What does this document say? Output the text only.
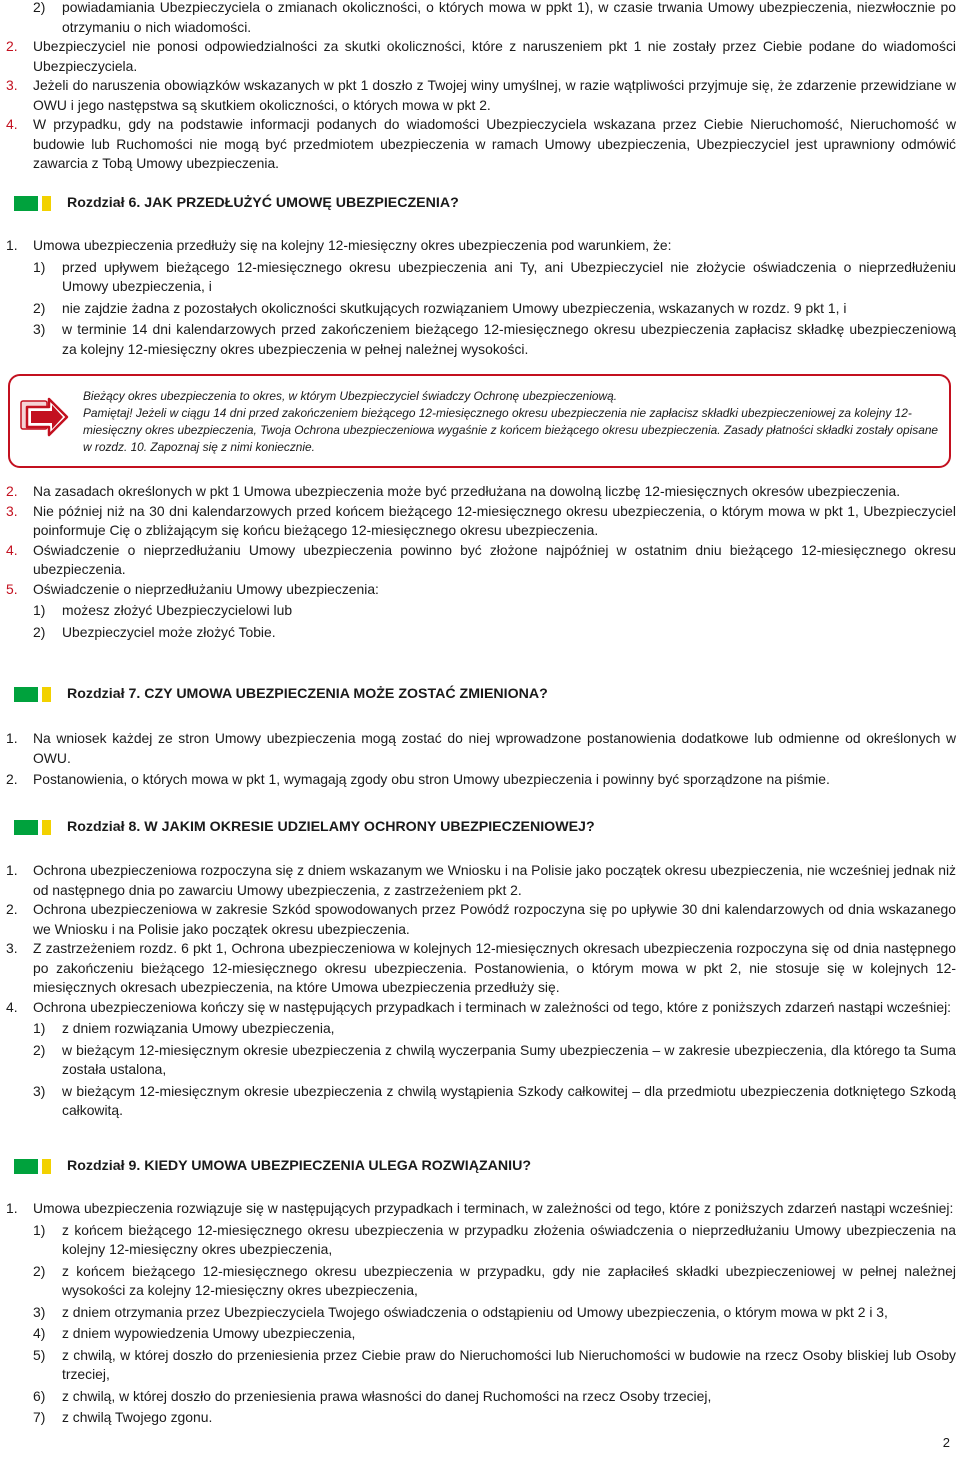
2) powiadamiania Ubezpieczyciela o zmianach okoliczności, o których mowa w ppkt 1), w czasie trwania Umowy ubezpieczenia, niezwłocznie po otrzymaniu o nich wiadomości.
2. Ubezpieczyciel nie ponosi odpowiedzialności za skutki okoliczności, które z naruszeniem pkt 1 nie zostały przez Ciebie podane do wiadomości Ubezpieczyciela.
3. Jeżeli do naruszenia obowiązków wskazanych w pkt 1 doszło z Twojej winy umyślnej, w razie wątpliwości przyjmuje się, że zdarzenie przewidziane w OWU i jego następstwa są skutkiem okoliczności, o których mowa w pkt 2.
4. W przypadku, gdy na podstawie informacji podanych do wiadomości Ubezpieczyciela wskazana przez Ciebie Nieruchomość, Nieruchomość w budowie lub Ruchomości nie mogą być przedmiotem ubezpieczenia w ramach Umowy ubezpieczenia, Ubezpieczyciel jest uprawniony odmówić zawarcia z Tobą Umowy ubezpieczenia.
Rozdział 6. JAK PRZEDŁUŻYĆ UMOWĘ UBEZPIECZENIA?
1. Umowa ubezpieczenia przedłuży się na kolejny 12-miesięczny okres ubezpieczenia pod warunkiem, że:
1) przed upływem bieżącego 12-miesięcznego okresu ubezpieczenia ani Ty, ani Ubezpieczyciel nie złożycie oświadczenia o nieprzedłużeniu Umowy ubezpieczenia, i
2) nie zajdzie żadna z pozostałych okoliczności skutkujących rozwiązaniem Umowy ubezpieczenia, wskazanych w rozdz. 9 pkt 1, i
3) w terminie 14 dni kalendarzowych przed zakończeniem bieżącego 12-miesięcznego okresu ubezpieczenia zapłacisz składkę ubezpieczeniową za kolejny 12-miesięczny okres ubezpieczenia w pełnej należnej wysokości.
Bieżący okres ubezpieczenia to okres, w którym Ubezpieczyciel świadczy Ochronę ubezpieczeniową.
Pamiętaj! Jeżeli w ciągu 14 dni przed zakończeniem bieżącego 12-miesięcznego okresu ubezpieczenia nie zapłacisz składki ubezpieczeniowej za kolejny 12-miesięczny okres ubezpieczenia, Twoja Ochrona ubezpieczeniowa wygaśnie z końcem bieżącego okresu ubezpieczenia. Zasady płatności składki zostały opisane w rozdz. 10. Zapoznaj się z nimi koniecznie.
2. Na zasadach określonych w pkt 1 Umowa ubezpieczenia może być przedłużana na dowolną liczbę 12-miesięcznych okresów ubezpieczenia.
3. Nie później niż na 30 dni kalendarzowych przed końcem bieżącego 12-miesięcznego okresu ubezpieczenia, o którym mowa w pkt 1, Ubezpieczyciel poinformuje Cię o zbliżającym się końcu bieżącego 12-miesięcznego okresu ubezpieczenia.
4. Oświadczenie o nieprzedłużaniu Umowy ubezpieczenia powinno być złożone najpóźniej w ostatnim dniu bieżącego 12-miesięcznego okresu ubezpieczenia.
5. Oświadczenie o nieprzedłużaniu Umowy ubezpieczenia:
1) możesz złożyć Ubezpieczycielowi lub
2) Ubezpieczyciel może złożyć Tobie.
Rozdział 7. CZY UMOWA UBEZPIECZENIA MOŻE ZOSTAĆ ZMIENIONA?
1. Na wniosek każdej ze stron Umowy ubezpieczenia mogą zostać do niej wprowadzone postanowienia dodatkowe lub odmienne od określonych w OWU.
2. Postanowienia, o których mowa w pkt 1, wymagają zgody obu stron Umowy ubezpieczenia i powinny być sporządzone na piśmie.
Rozdział 8. W JAKIM OKRESIE UDZIELAMY OCHRONY UBEZPIECZENIOWEJ?
1. Ochrona ubezpieczeniowa rozpoczyna się z dniem wskazanym we Wniosku i na Polisie jako początek okresu ubezpieczenia, nie wcześniej jednak niż od następnego dnia po zawarciu Umowy ubezpieczenia, z zastrzeżeniem pkt 2.
2. Ochrona ubezpieczeniowa w zakresie Szkód spowodowanych przez Powódź rozpoczyna się po upływie 30 dni kalendarzowych od dnia wskazanego we Wniosku i na Polisie jako początek okresu ubezpieczenia.
3. Z zastrzeżeniem rozdz. 6 pkt 1, Ochrona ubezpieczeniowa w kolejnych 12-miesięcznych okresach ubezpieczenia rozpoczyna się od dnia następnego po zakończeniu bieżącego 12-miesięcznego okresu ubezpieczenia. Postanowienia, o którym mowa w pkt 2, nie stosuje się w kolejnych 12-miesięcznych okresach ubezpieczenia, na które Umowa ubezpieczenia przedłuży się.
4. Ochrona ubezpieczeniowa kończy się w następujących przypadkach i terminach w zależności od tego, które z poniższych zdarzeń nastąpi wcześniej:
1) z dniem rozwiązania Umowy ubezpieczenia,
2) w bieżącym 12-miesięcznym okresie ubezpieczenia z chwilą wyczerpania Sumy ubezpieczenia – w zakresie ubezpieczenia, dla którego ta Suma została ustalona,
3) w bieżącym 12-miesięcznym okresie ubezpieczenia z chwilą wystąpienia Szkody całkowitej – dla przedmiotu ubezpieczenia dotkniętego Szkodą całkowitą.
Rozdział 9. KIEDY UMOWA UBEZPIECZENIA ULEGA ROZWIĄZANIU?
1. Umowa ubezpieczenia rozwiązuje się w następujących przypadkach i terminach, w zależności od tego, które z poniższych zdarzeń nastąpi wcześniej:
1) z końcem bieżącego 12-miesięcznego okresu ubezpieczenia w przypadku złożenia oświadczenia o nieprzedłużaniu Umowy ubezpieczenia na kolejny 12-miesięczny okres ubezpieczenia,
2) z końcem bieżącego 12-miesięcznego okresu ubezpieczenia w przypadku, gdy nie zapłaciłeś składki ubezpieczeniowej w pełnej należnej wysokości za kolejny 12-miesięczny okres ubezpieczenia,
3) z dniem otrzymania przez Ubezpieczyciela Twojego oświadczenia o odstąpieniu od Umowy ubezpieczenia, o którym mowa w pkt 2 i 3,
4) z dniem wypowiedzenia Umowy ubezpieczenia,
5) z chwilą, w której doszło do przeniesienia przez Ciebie praw do Nieruchomości lub Nieruchomości w budowie na rzecz Osoby bliskiej lub Osoby trzeciej,
6) z chwilą, w której doszło do przeniesienia prawa własności do danej Ruchomości na rzecz Osoby trzeciej,
7) z chwilą Twojego zgonu.
2
